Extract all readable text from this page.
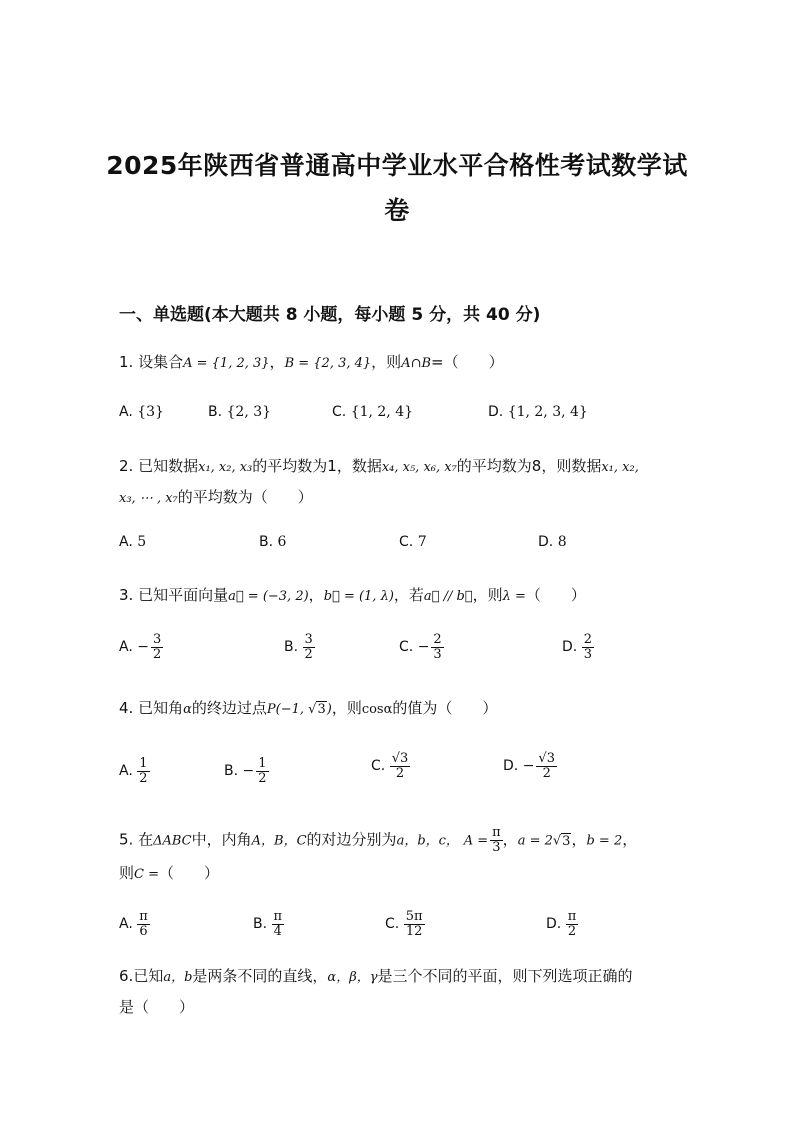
2025年陕西省普通高中学业水平合格性考试数学试
卷
一、单选题(本大题共 8 小题，每小题 5 分，共 40 分)
1. 设集合A = {1, 2, 3}，B = {2, 3, 4}，则A∩B=（　　）
A. {3}	B. {2, 3}	C. {1, 2, 4}	D. {1, 2, 3, 4}
2. 已知数据x₁, x₂, x₃的平均数为1，数据x₄, x₅, x₆, x₇的平均数为8，则数据x₁, x₂,
x₃, ⋯ , x₇的平均数为（　　）
A. 5	B. 6	C. 7	D. 8
3. 已知平面向量a⃗ = (−3, 2)，b⃗ = (1, λ)，若a⃗ // b⃗，则λ =（　　）
A. − $\frac{3}{2}$	B. $\frac{3}{2}$	C. − $\frac{2}{3}$	D. $\frac{2}{3}$
4. 已知角α的终边过点P(−1, √3)，则cosα的值为（　　）
A. $\frac{1}{2}$	B. − $\frac{1}{2}$	C. $\frac{√3}{2}$	D. − $\frac{√3}{2}$
5. 在ΔABC中，内角A，B，C的对边分别为a，b，c， $A = \frac{\pi}{3}$ ，a = 2√3，b = 2，
则C =（　　）
A. $\frac{\pi}{6}$	B. $\frac{\pi}{4}$	C. $\frac{5\pi}{12}$	D. $\frac{\pi}{2}$
6.已知a，b是两条不同的直线，α，β，γ是三个不同的平面，则下列选项正确的
是（　　）
